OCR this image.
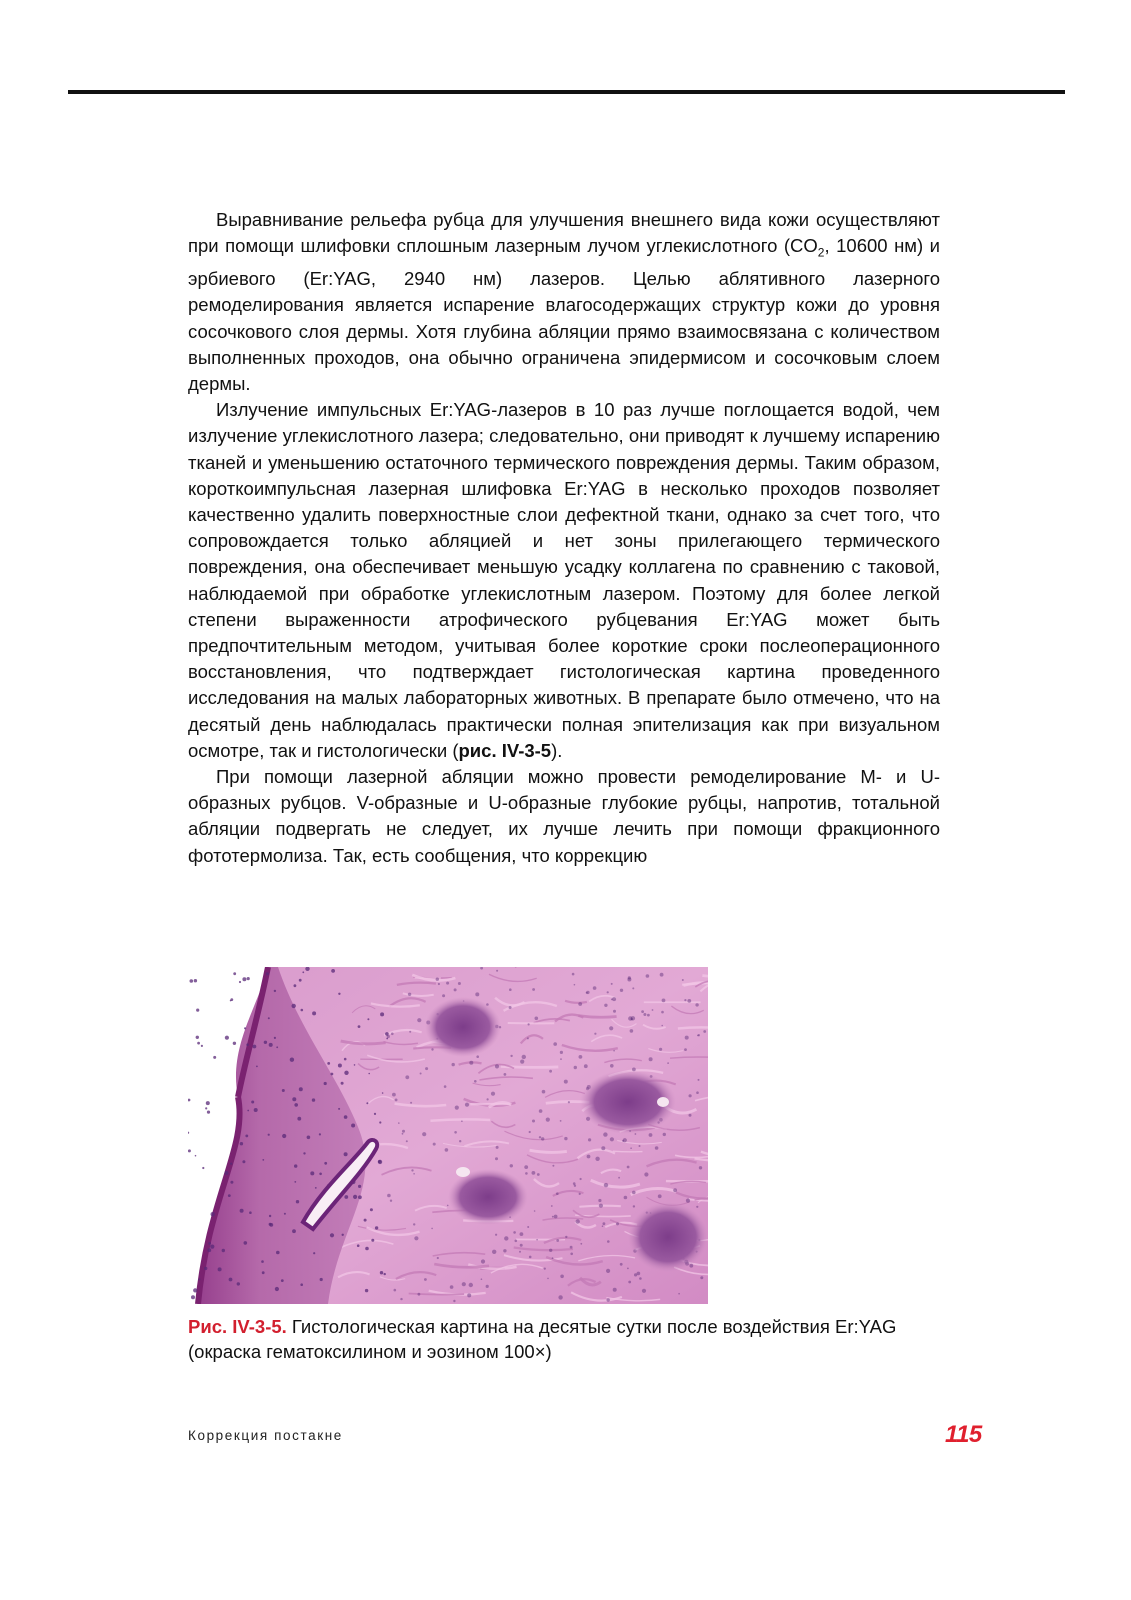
Выравнивание рельефа рубца для улучшения внешнего вида кожи осуществляют при помощи шлифовки сплошным лазерным лучом углекислотного ($CO_2$, 10600 нм) и эрбиевого (Er:YAG, 2940 нм) лазеров. Целью аблятивного лазерного ремоделирования является испарение влагосодержащих структур кожи до уровня сосочкового слоя дермы. Хотя глубина абляции прямо взаимосвязана с количеством выполненных проходов, она обычно ограничена эпидермисом и сосочковым слоем дермы.

Излучение импульсных Er:YAG-лазеров в 10 раз лучше поглощается водой, чем излучение углекислотного лазера; следовательно, они приводят к лучшему испарению тканей и уменьшению остаточного термического повреждения дермы. Таким образом, короткоимпульсная лазерная шлифовка Er:YAG в несколько проходов позволяет качественно удалить поверхностные слои дефектной ткани, однако за счет того, что сопровождается только абляцией и нет зоны прилегающего термического повреждения, она обеспечивает меньшую усадку коллагена по сравнению с таковой, наблюдаемой при обработке углекислотным лазером. Поэтому для более легкой степени выраженности атрофического рубцевания Er:YAG может быть предпочтительным методом, учитывая более короткие сроки послеоперационного восстановления, что подтверждает гистологическая картина проведенного исследования на малых лабораторных животных. В препарате было отмечено, что на десятый день наблюдалась практически полная эпителизация как при визуальном осмотре, так и гистологически (рис. IV-3-5).

При помощи лазерной абляции можно провести ремоделирование M- и U-образных рубцов. V-образные и U-образные глубокие рубцы, напротив, тотальной абляции подвергать не следует, их лучше лечить при помощи фракционного фототермолиза. Так, есть сообщения, что коррекцию

Рис. IV-3-5. Гистологическая картина на десятые сутки после воздействия Er:YAG (окраска гематоксилином и эозином 100×)
Коррекция постакне	115
